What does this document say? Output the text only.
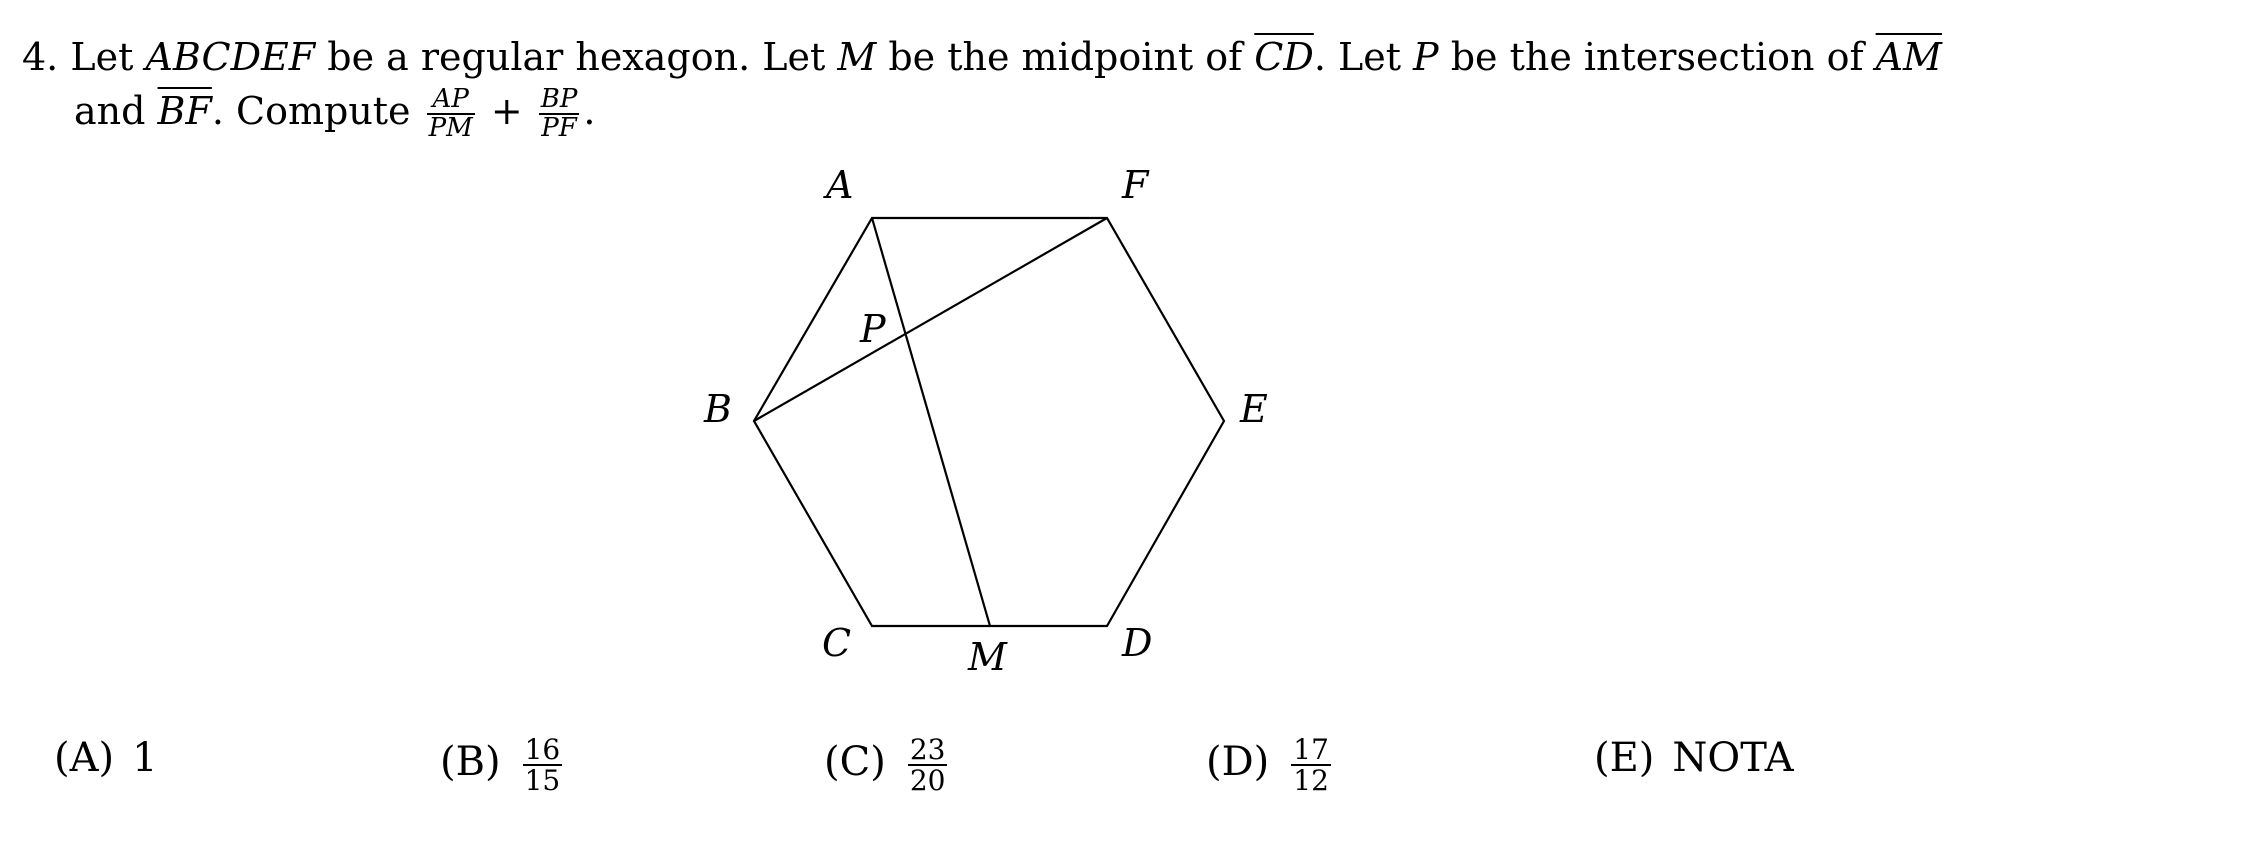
4. Let ABCDEF be a regular hexagon. Let M be the midpoint of $\overline{CD}$. Let P be the intersection of $\overline{AM}$
and $\overline{BF}$. Compute $\frac{AP}{PM} + \frac{BP}{PF}$ .
A	F
B	E
C	D
M
P
(A) 1	$(B) \frac{16}{15}$	$(C) \frac{23}{20}$	$(D) \frac{17}{12}$	(E) NOTA
